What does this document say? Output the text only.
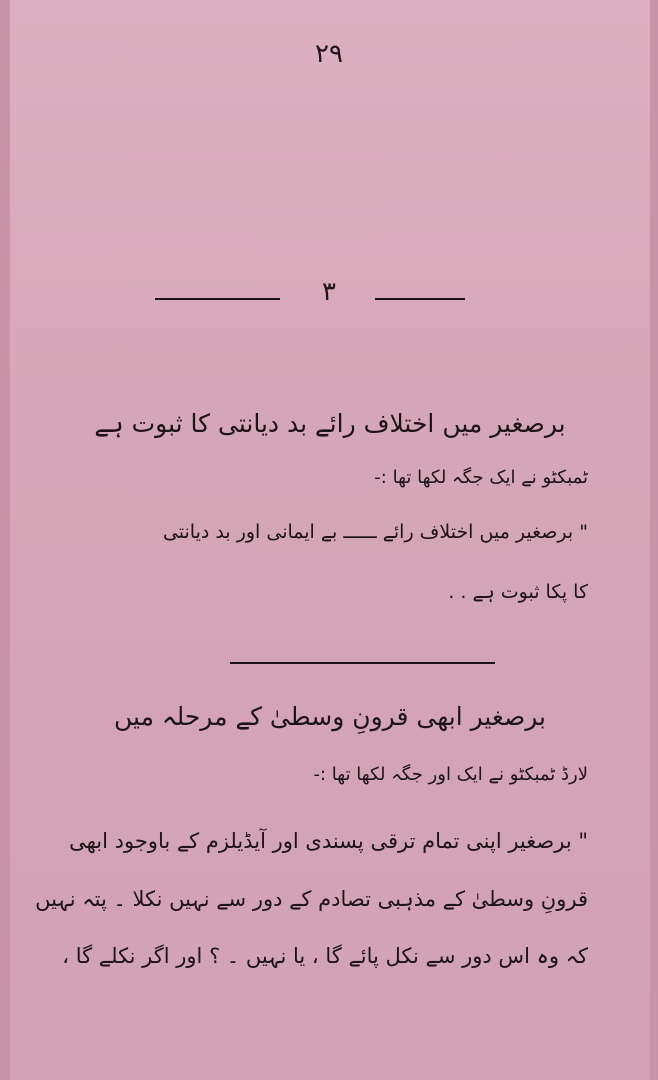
۲۹
۳
برصغیر میں اختلاف رائے بد دیانتی کا ثبوت ہے
ٹمبکٹو نے ایک جگہ لکھا تھا :-
" برصغیر میں اختلاف رائے ــــــ بے ایمانی اور بد دیانتی
کا پکا ثبوت ہے . .
برصغیر ابھی قرونِ وسطیٰ کے مرحلہ میں
لارڈ ٹمبکٹو نے ایک اور جگہ لکھا تھا :-
" برصغیر اپنی تمام ترقی پسندی اور آیڈیلزم کے باوجود ابھی
قرونِ وسطیٰ کے مذہبی تصادم کے دور سے نہیں نکلا ۔ پتہ نہیں
کہ وہ اس دور سے نکل پائے گا ، یا نہیں ۔ ؟ اور اگر نکلے گا ،
